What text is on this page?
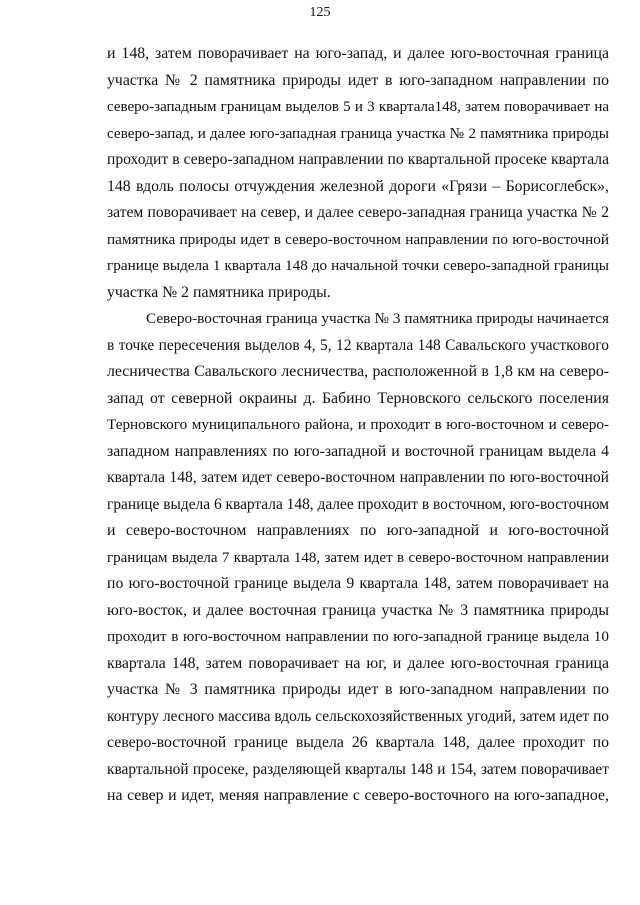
125

и 148, затем поворачивает на юго-запад, и далее юго-восточная граница
участка № 2 памятника природы идет в юго-западном направлении по
северо-западным границам выделов 5 и 3 квартала148, затем поворачивает на
северо-запад, и далее юго-западная граница участка № 2 памятника природы
проходит в северо-западном направлении по квартальной просеке квартала
148 вдоль полосы отчуждения железной дороги «Грязи – Борисоглебск»,
затем поворачивает на север, и далее северо-западная граница участка № 2
памятника природы идет в северо-восточном направлении по юго-восточной
границе выдела 1 квартала 148 до начальной точки северо-западной границы
участка № 2 памятника природы.

Северо-восточная граница участка № 3 памятника природы начинается
в точке пересечения выделов 4, 5, 12 квартала 148 Савальского участкового
лесничества Савальского лесничества, расположенной в 1,8 км на северо-
запад от северной окраины д. Бабино Терновского сельского поселения
Терновского муниципального района, и проходит в юго-восточном и северо-
западном направлениях по юго-западной и восточной границам выдела 4
квартала 148, затем идет северо-восточном направлении по юго-восточной
границе выдела 6 квартала 148, далее проходит в восточном, юго-восточном
и северо-восточном направлениях по юго-западной и юго-восточной
границам выдела 7 квартала 148, затем идет в северо-восточном направлении
по юго-восточной границе выдела 9 квартала 148, затем поворачивает на
юго-восток, и далее восточная граница участка № 3 памятника природы
проходит в юго-восточном направлении по юго-западной границе выдела 10
квартала 148, затем поворачивает на юг, и далее юго-восточная граница
участка № 3 памятника природы идет в юго-западном направлении по
контуру лесного массива вдоль сельскохозяйственных угодий, затем идет по
северо-восточной границе выдела 26 квартала 148, далее проходит по
квартальной просеке, разделяющей кварталы 148 и 154, затем поворачивает
на север и идет, меняя направление с северо-восточного на юго-западное,
